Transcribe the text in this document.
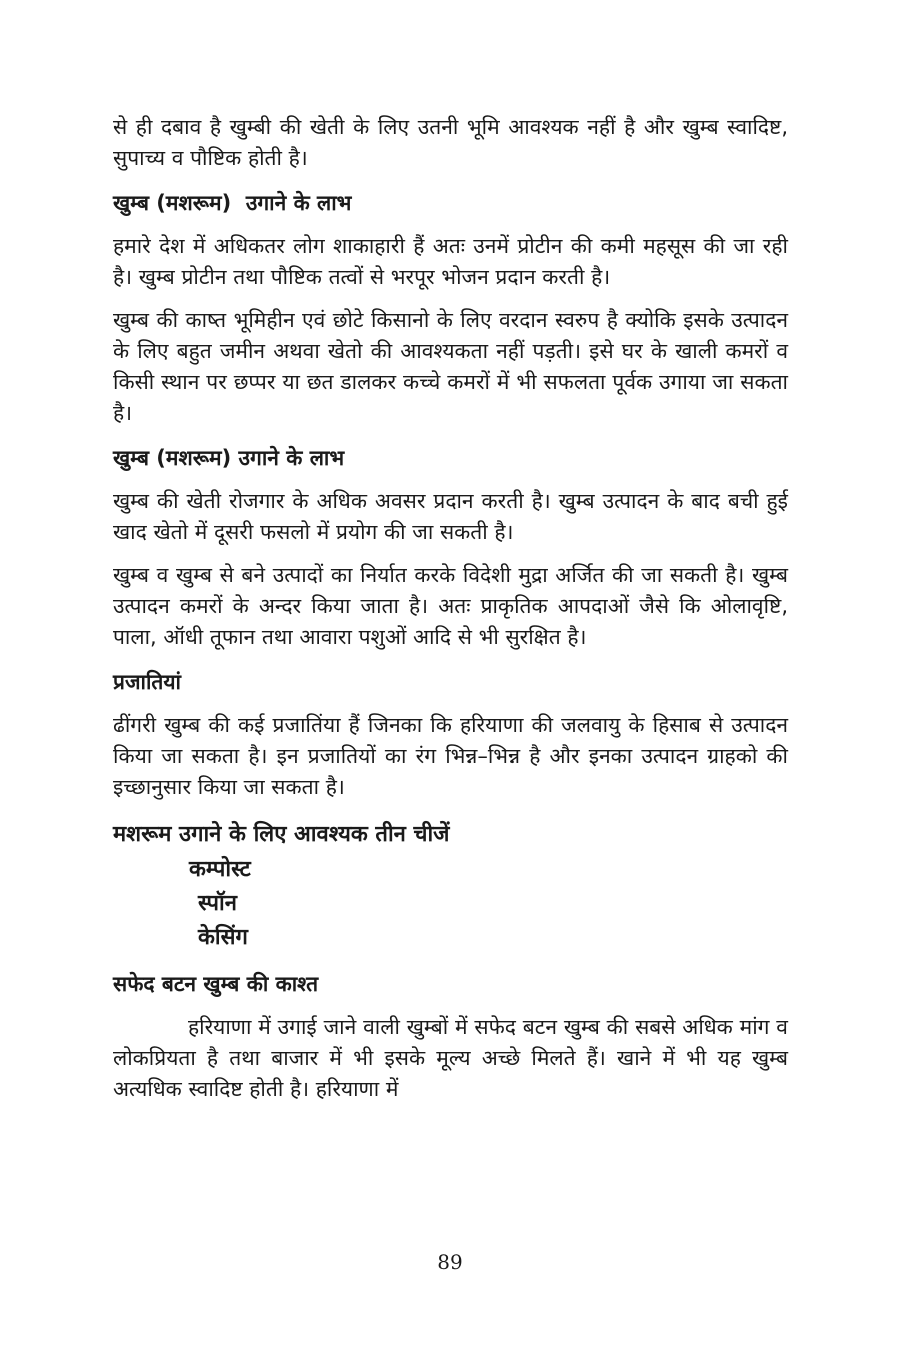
से ही दबाव है खुम्बी की खेती के लिए उतनी भूमि आवश्यक नहीं है और खुम्ब स्वादिष्ट, सुपाच्य व पौष्टिक होती है।

खुम्ब (मशरूम)  उगाने के लाभ

हमारे देश में अधिकतर लोग शाकाहारी हैं अतः उनमें प्रोटीन की कमी महसूस की जा रही है। खुम्ब प्रोटीन तथा पौष्टिक तत्वों से भरपूर भोजन प्रदान करती है।

खुम्ब की काष्त भूमिहीन एवं छोटे किसानो के लिए वरदान स्वरुप है क्योकि इसके उत्पादन के लिए बहुत जमीन अथवा खेतो की आवश्यकता नहीं पड़ती। इसे घर के खाली कमरों व किसी स्थान पर छप्पर या छत डालकर कच्चे कमरों में भी सफलता पूर्वक उगाया जा सकता है।

खुम्ब (मशरूम) उगाने के लाभ

खुम्ब की खेती रोजगार के अधिक अवसर प्रदान करती है। खुम्ब उत्पादन के बाद बची हुई खाद खेतो में दूसरी फसलो में प्रयोग की जा सकती है।

खुम्ब व खुम्ब से बने उत्पादों का निर्यात करके विदेशी मुद्रा अर्जित की जा सकती है। खुम्ब उत्पादन कमरों के अन्दर किया जाता है। अतः प्राकृतिक आपदाओं जैसे कि ओलावृष्टि, पाला, ऑधी तूफान तथा आवारा पशुओं आदि से भी सुरक्षित है।

प्रजातियां

ढींगरी खुम्ब की कई प्रजातिंया हैं जिनका कि हरियाणा की जलवायु के हिसाब से उत्पादन किया जा सकता है। इन प्रजातियों का रंग भिन्न–भिन्न है और इनका उत्पादन ग्राहको की इच्छानुसार किया जा सकता है।

मशरूम उगाने के लिए आवश्यक तीन चीजें
कम्पोस्ट
स्पॉन
केसिंग
सफेद बटन खुम्ब की काश्त

हरियाणा में उगाई जाने वाली खुम्बों में सफेद बटन खुम्ब की सबसे अधिक मांग व लोकप्रियता है तथा बाजार में भी इसके मूल्य अच्छे मिलते हैं। खाने में भी यह खुम्ब अत्यधिक स्वादिष्ट होती है। हरियाणा में

89
